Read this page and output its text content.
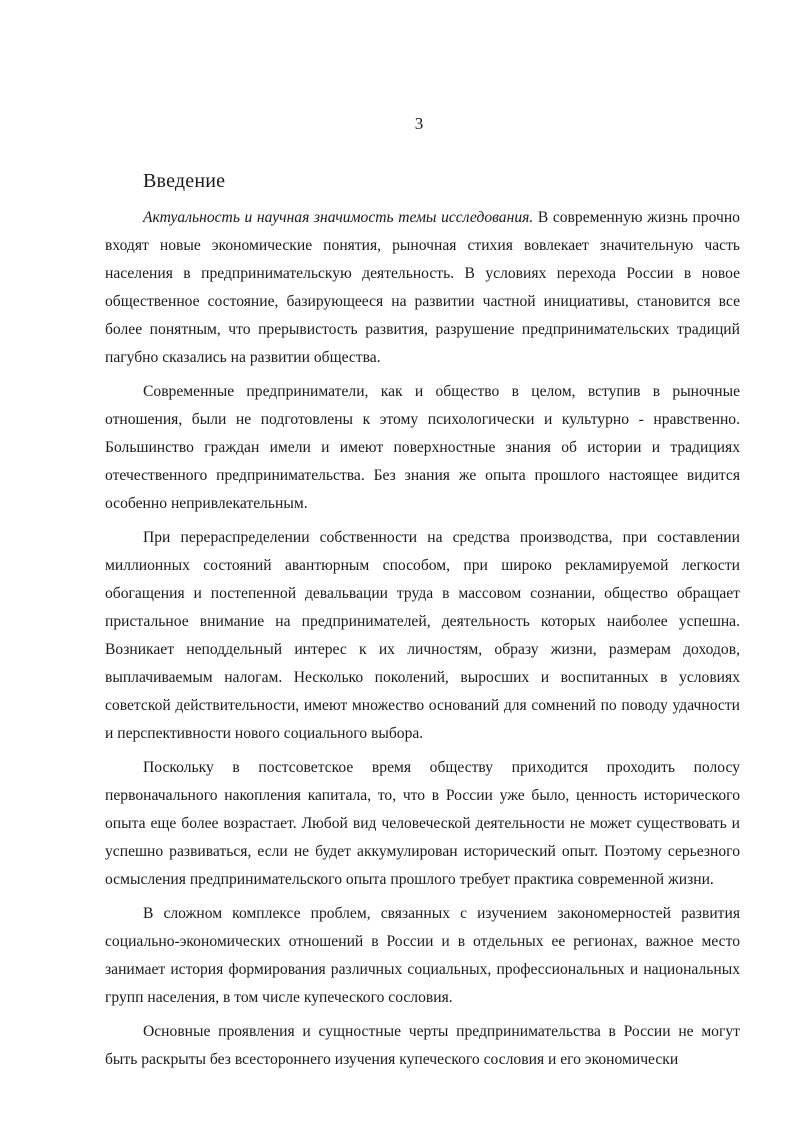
3
Введение

Актуальность и научная значимость темы исследования. В современную жизнь прочно входят новые экономические понятия, рыночная стихия вовлекает значительную часть населения в предпринимательскую деятельность. В условиях перехода России в новое общественное состояние, базирующееся на развитии частной инициативы, становится все более понятным, что прерывистость развития, разрушение предпринимательских традиций пагубно сказались на развитии общества.

Современные предприниматели, как и общество в целом, вступив в рыночные отношения, были не подготовлены к этому психологически и культурно - нравственно. Большинство граждан имели и имеют поверхностные знания об истории и традициях отечественного предпринимательства. Без знания же опыта прошлого настоящее видится особенно непривлекательным.

При перераспределении собственности на средства производства, при составлении миллионных состояний авантюрным способом, при широко рекламируемой легкости обогащения и постепенной девальвации труда в массовом сознании, общество обращает пристальное внимание на предпринимателей, деятельность которых наиболее успешна. Возникает неподдельный интерес к их личностям, образу жизни, размерам доходов, выплачиваемым налогам. Несколько поколений, выросших и воспитанных в условиях советской действительности, имеют множество оснований для сомнений по поводу удачности и перспективности нового социального выбора.

Поскольку в постсоветское время обществу приходится проходить полосу первоначального накопления капитала, то, что в России уже было, ценность исторического опыта еще более возрастает. Любой вид человеческой деятельности не может существовать и успешно развиваться, если не будет аккумулирован исторический опыт. Поэтому серьезного осмысления предпринимательского опыта прошлого требует практика современной жизни.

В сложном комплексе проблем, связанных с изучением закономерностей развития социально-экономических отношений в России и в отдельных ее регионах, важное место занимает история формирования различных социальных, профессиональных и национальных групп населения, в том числе купеческого сословия.

Основные проявления и сущностные черты предпринимательства в России не могут быть раскрыты без всестороннего изучения купеческого сословия и его экономически
